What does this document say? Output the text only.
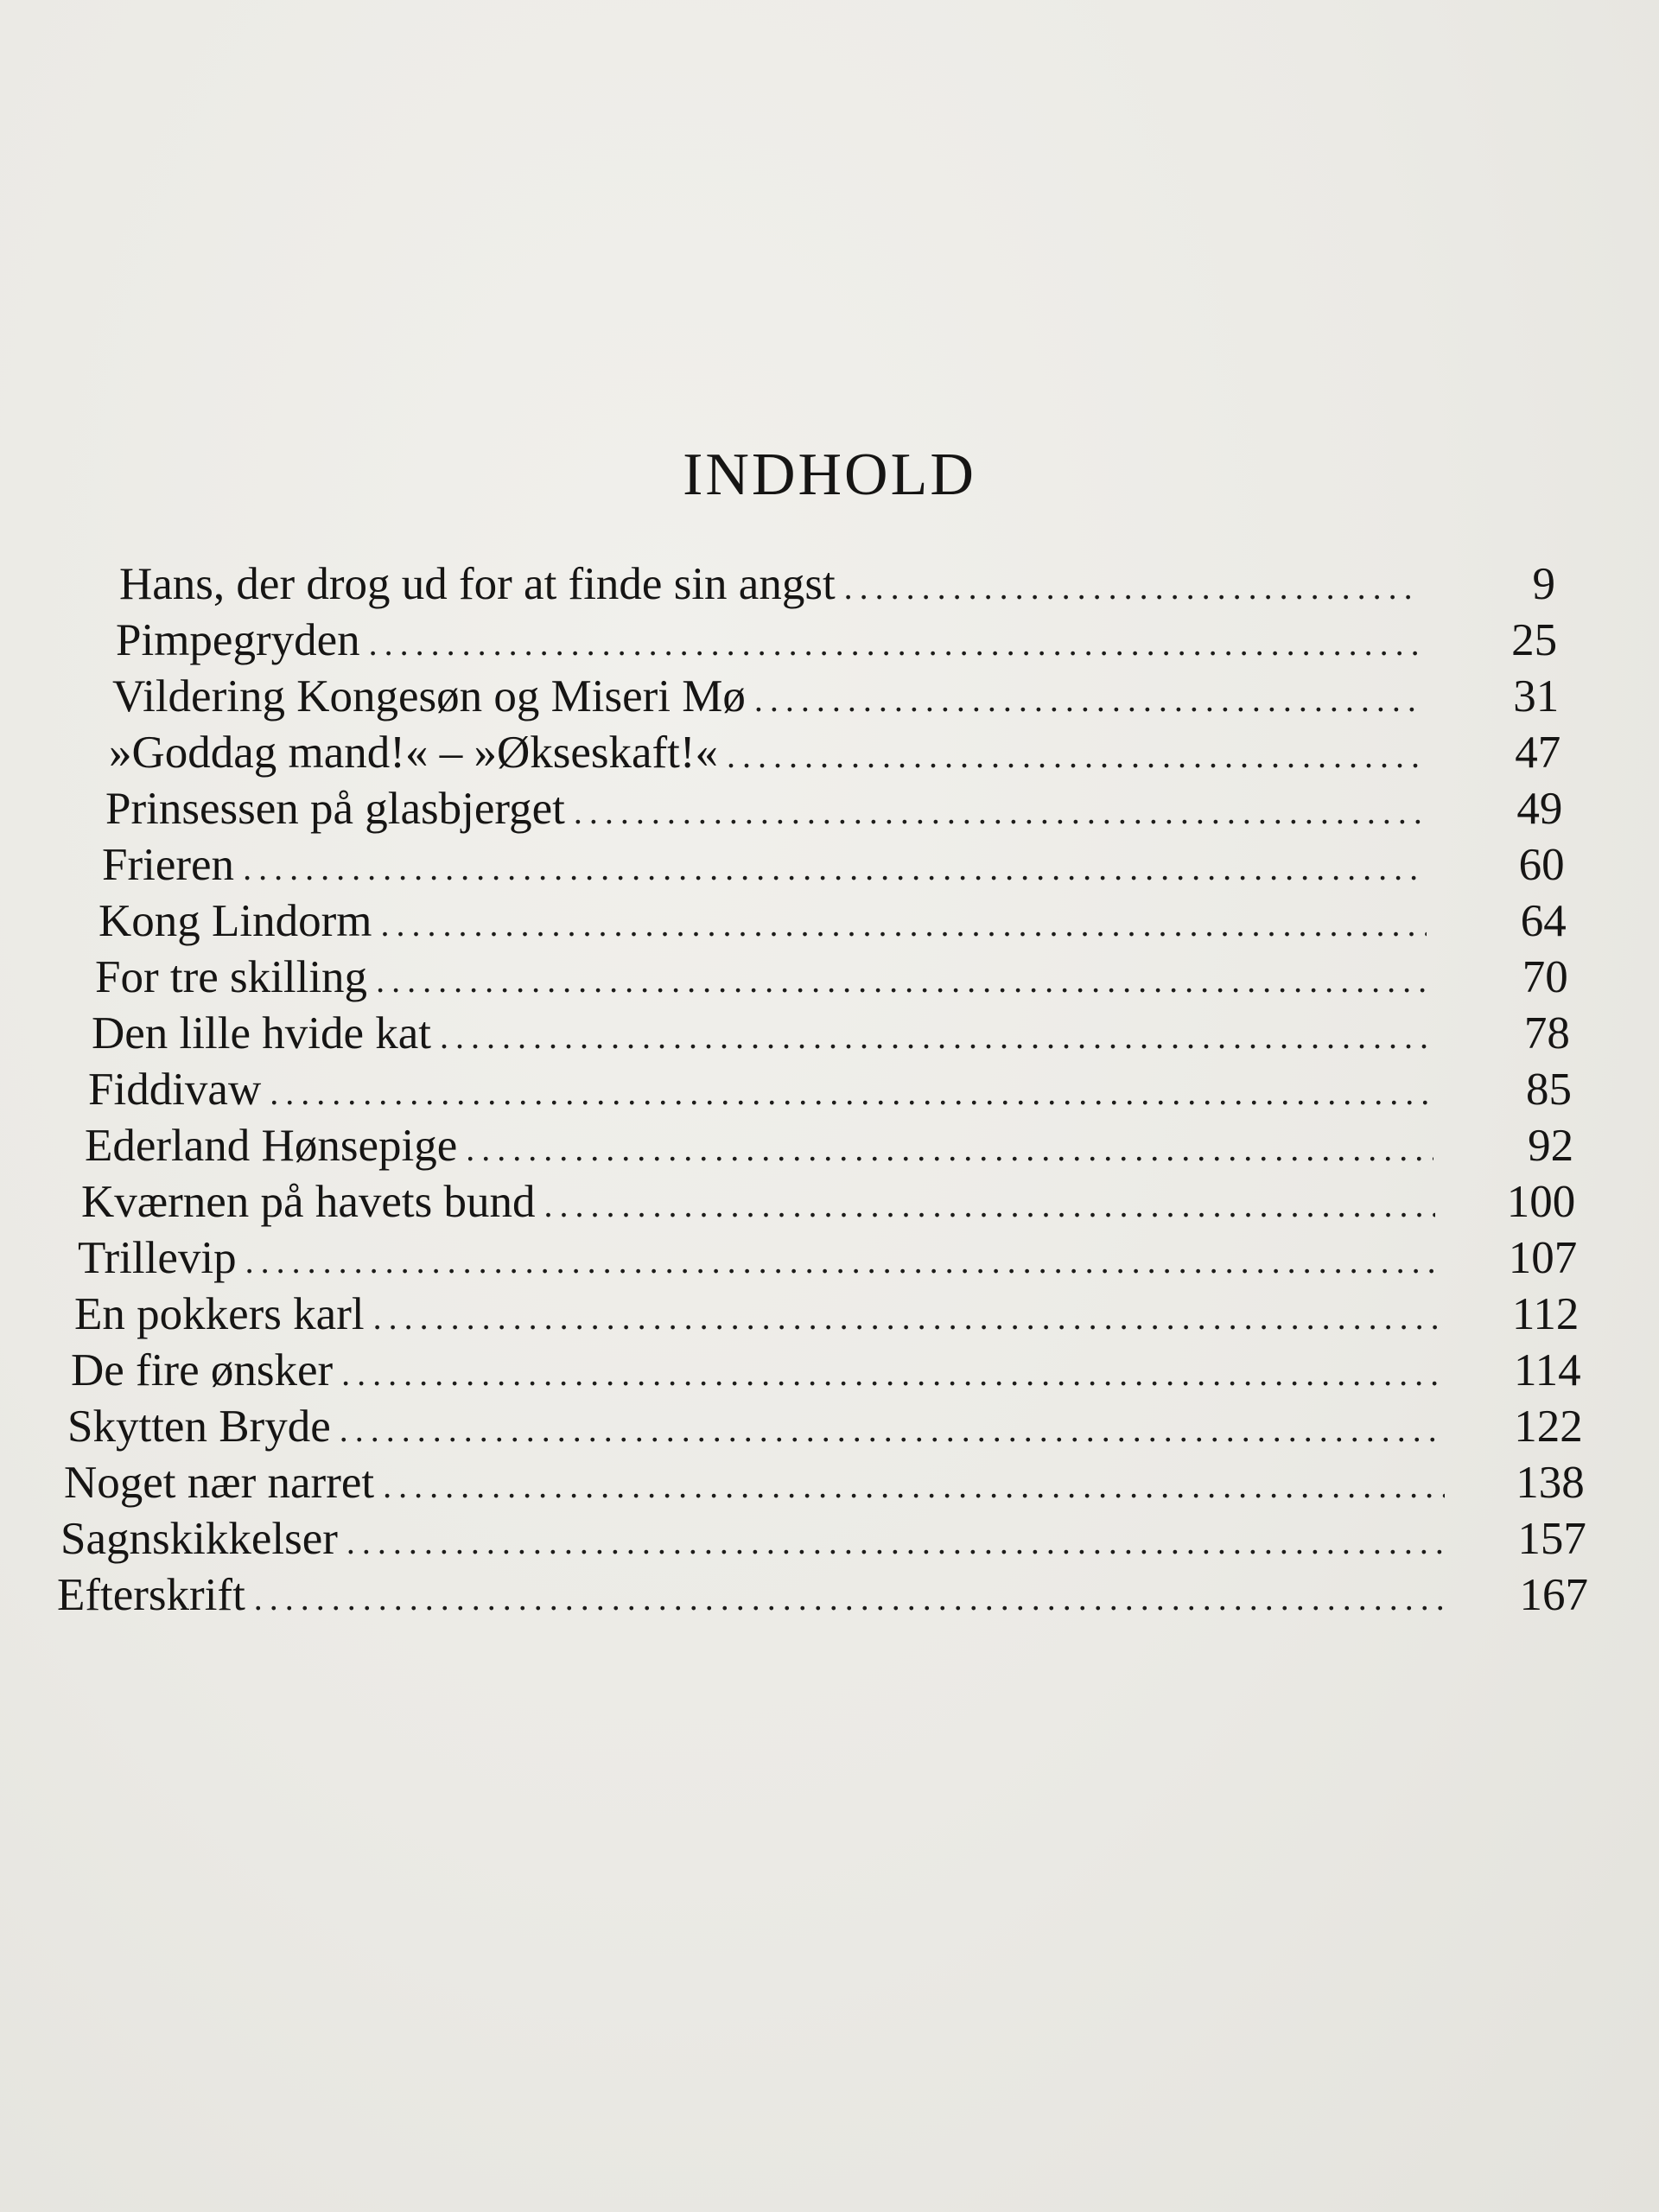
INDHOLD
Hans, der drog ud for at finde sin angst .....	9
Pimpegryden .....	25
Vildering Kongesøn og Miseri Mø .....	31
»Goddag mand!« – »Økseskaft!« .....	47
Prinsessen på glasbjerget .....	49
Frieren .....	60
Kong Lindorm .....	64
For tre skilling .....	70
Den lille hvide kat .....	78
Fiddivaw .....	85
Ederland Hønsepige .....	92
Kværnen på havets bund .....	100
Trillevip .....	107
En pokkers karl .....	112
De fire ønsker .....	114
Skytten Bryde .....	122
Noget nær narret .....	138
Sagnskikkelser .....	157
Efterskrift .....	167
